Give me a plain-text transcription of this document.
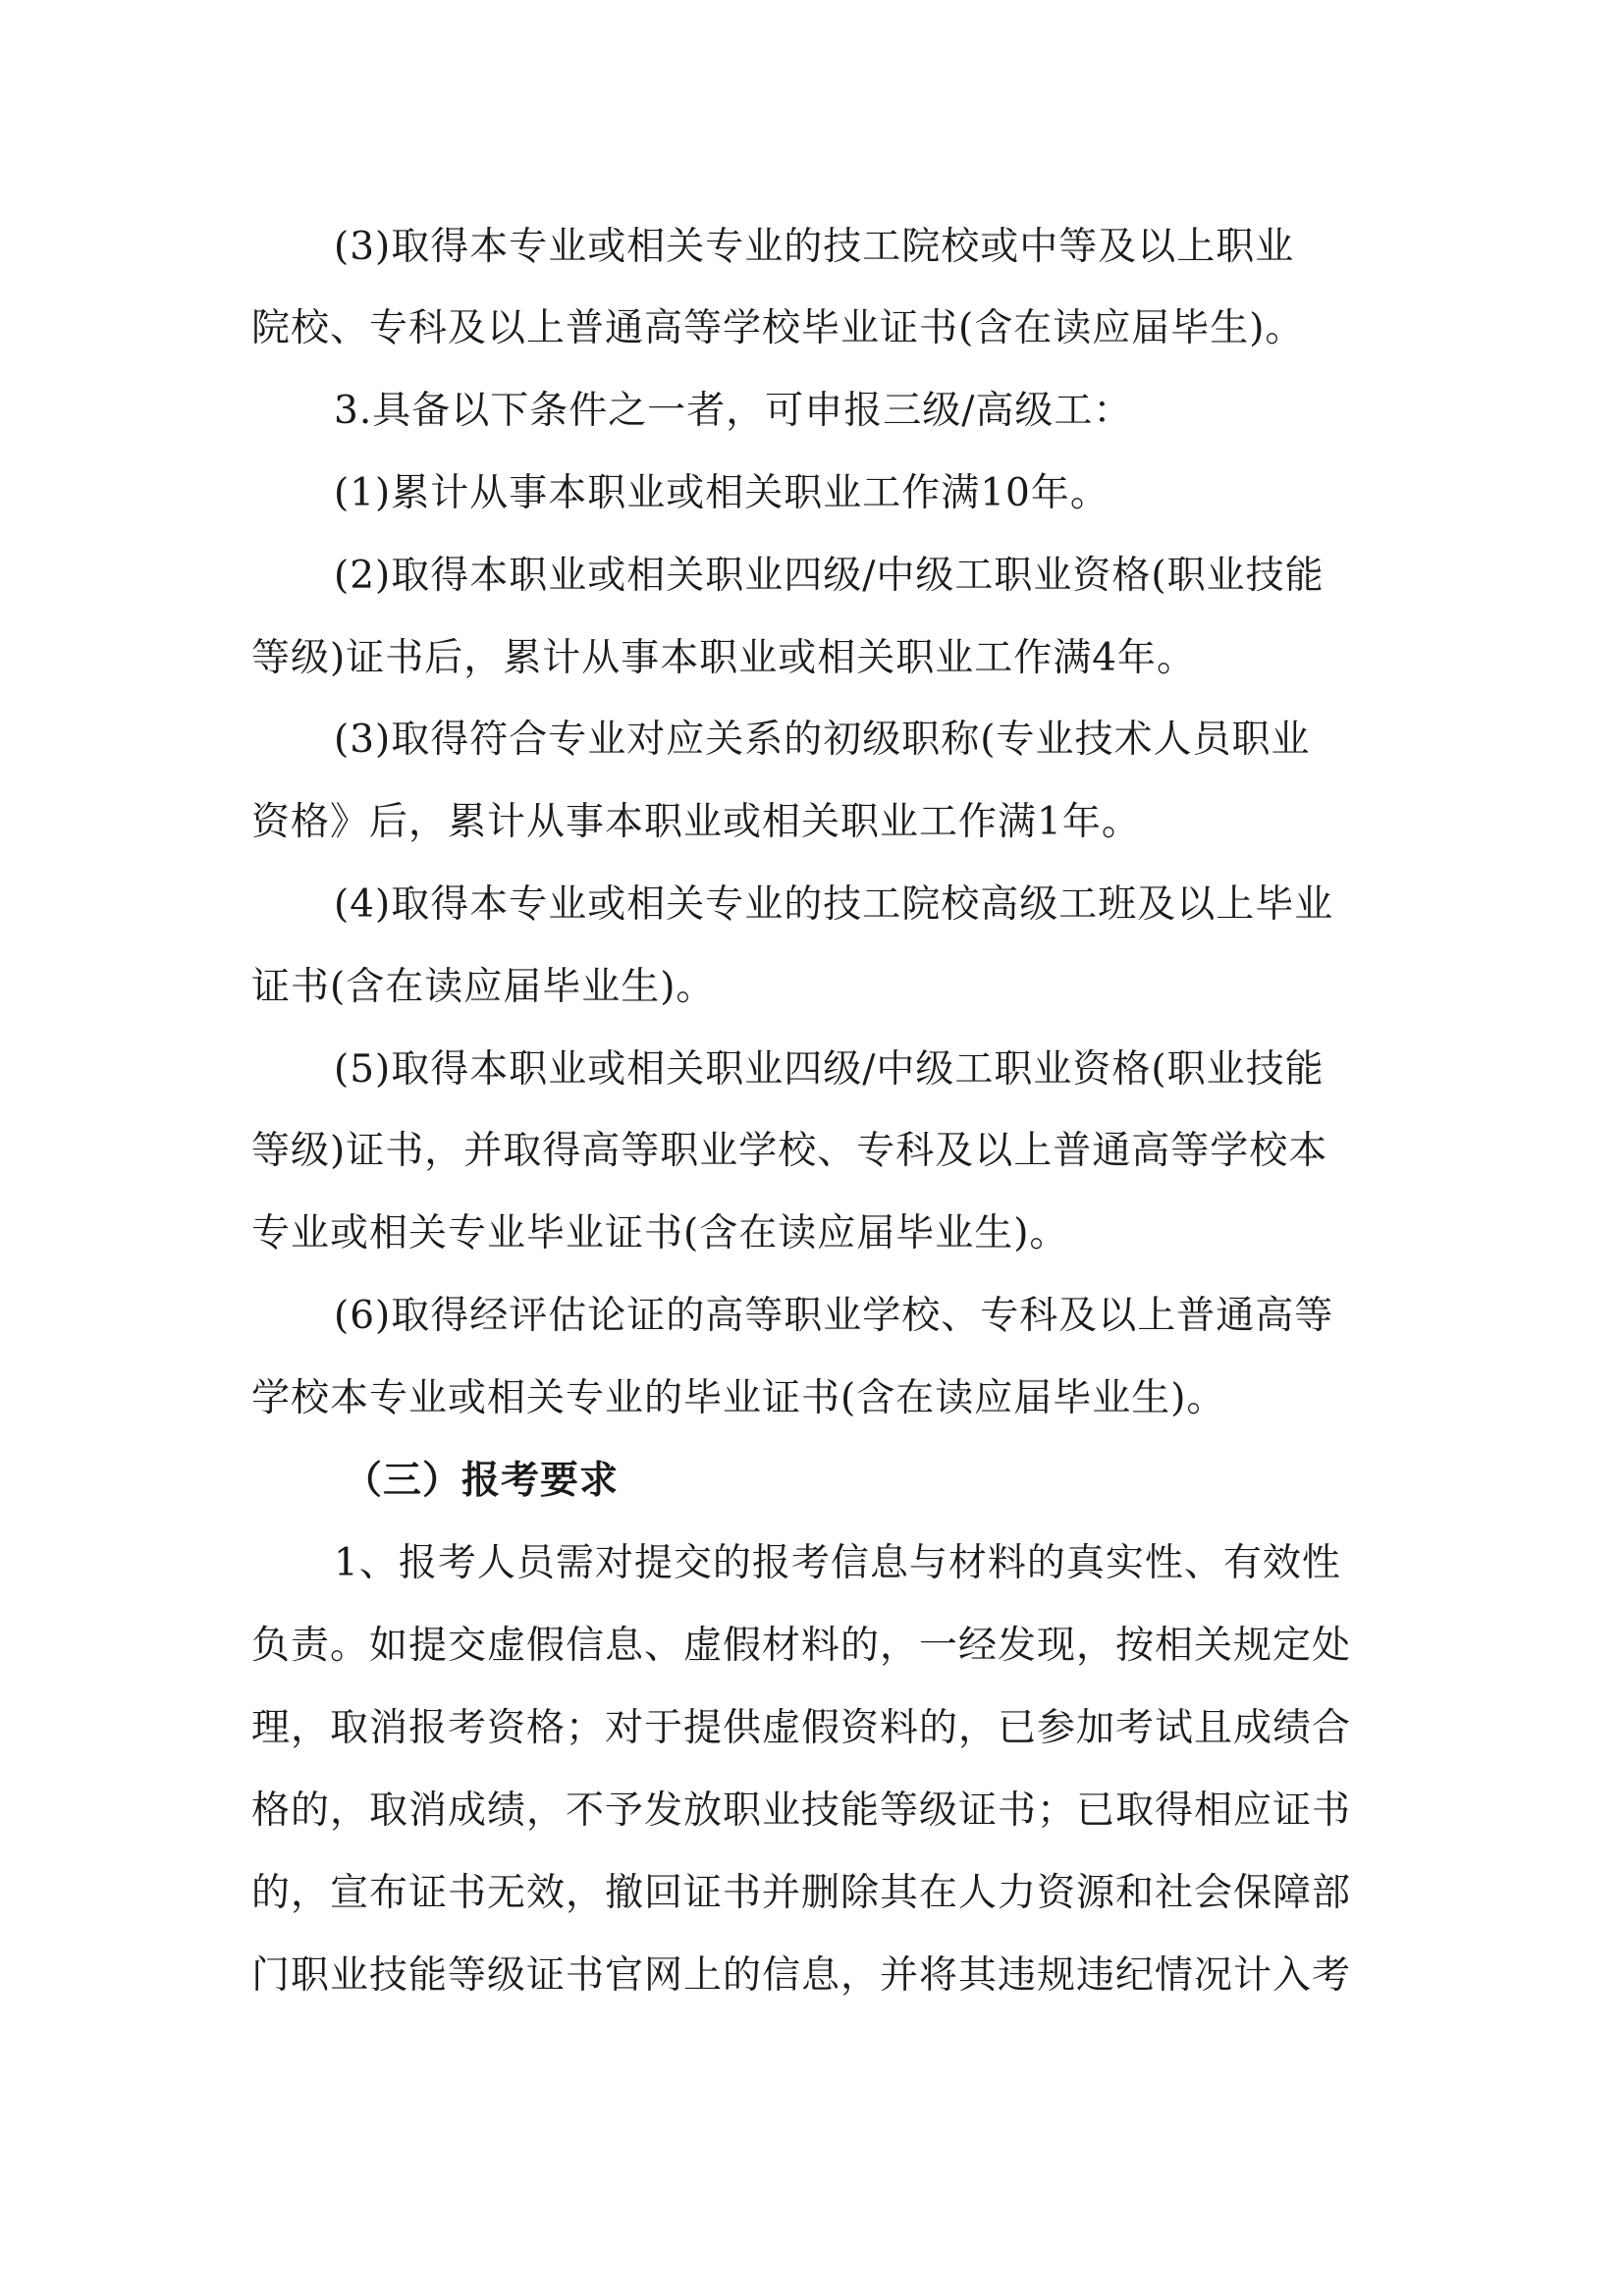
(3)取得本专业或相关专业的技工院校或中等及以上职业
院校、专科及以上普通高等学校毕业证书(含在读应届毕生)。
3.具备以下条件之一者，可申报三级/高级工：
(1)累计从事本职业或相关职业工作满10年。
(2)取得本职业或相关职业四级/中级工职业资格(职业技能
等级)证书后，累计从事本职业或相关职业工作满4年。
(3)取得符合专业对应关系的初级职称(专业技术人员职业
资格》后，累计从事本职业或相关职业工作满1年。
(4)取得本专业或相关专业的技工院校高级工班及以上毕业
证书(含在读应届毕业生)。
(5)取得本职业或相关职业四级/中级工职业资格(职业技能
等级)证书，并取得高等职业学校、专科及以上普通高等学校本
专业或相关专业毕业证书(含在读应届毕业生)。
(6)取得经评估论证的高等职业学校、专科及以上普通高等
学校本专业或相关专业的毕业证书(含在读应届毕业生)。
（三）报考要求
1、报考人员需对提交的报考信息与材料的真实性、有效性
负责。如提交虚假信息、虚假材料的，一经发现，按相关规定处
理，取消报考资格；对于提供虚假资料的，已参加考试且成绩合
格的，取消成绩，不予发放职业技能等级证书；已取得相应证书
的，宣布证书无效，撤回证书并删除其在人力资源和社会保障部
门职业技能等级证书官网上的信息，并将其违规违纪情况计入考
